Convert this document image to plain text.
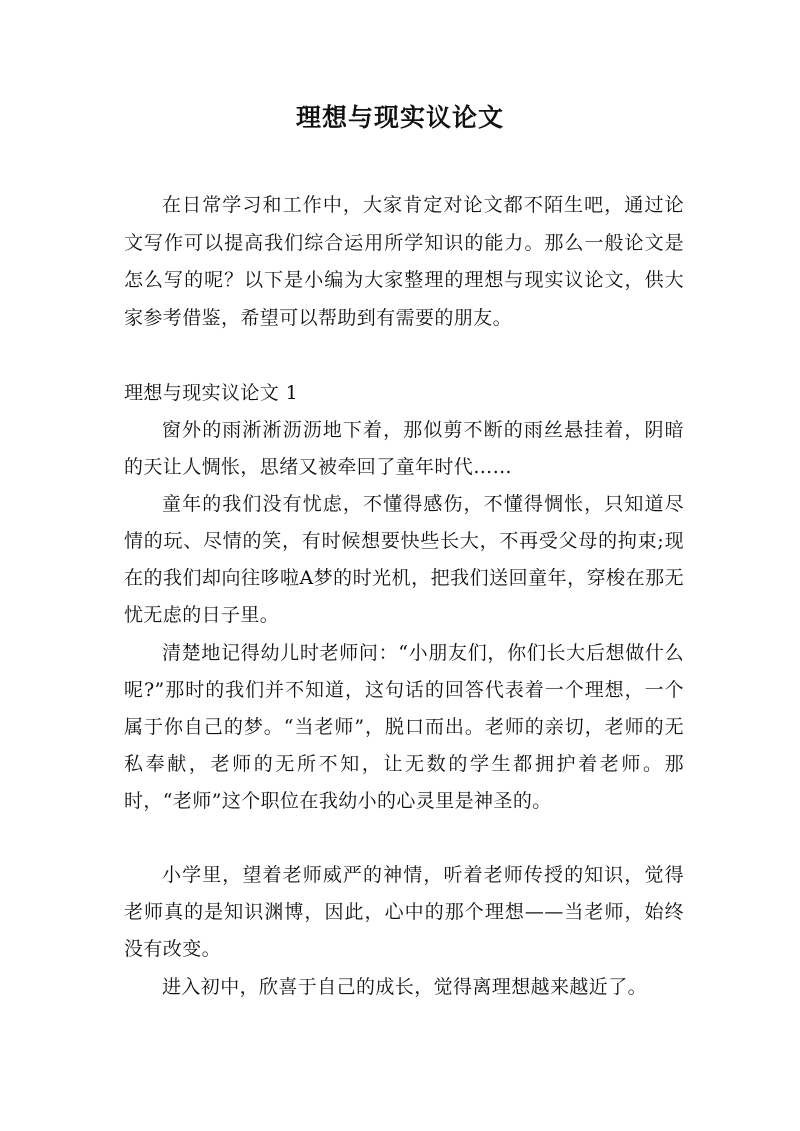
理想与现实议论文

在日常学习和工作中，大家肯定对论文都不陌生吧，通过论文写作可以提高我们综合运用所学知识的能力。那么一般论文是怎么写的呢？以下是小编为大家整理的理想与现实议论文，供大家参考借鉴，希望可以帮助到有需要的朋友。

理想与现实议论文 1

窗外的雨淅淅沥沥地下着，那似剪不断的雨丝悬挂着，阴暗的天让人惆怅，思绪又被牵回了童年时代……

童年的我们没有忧虑，不懂得感伤，不懂得惆怅，只知道尽情的玩、尽情的笑，有时候想要快些长大，不再受父母的拘束;现在的我们却向往哆啦A梦的时光机，把我们送回童年，穿梭在那无忧无虑的日子里。

清楚地记得幼儿时老师问：“小朋友们，你们长大后想做什么呢?”那时的我们并不知道，这句话的回答代表着一个理想，一个属于你自己的梦。“当老师”，脱口而出。老师的亲切，老师的无私奉献，老师的无所不知，让无数的学生都拥护着老师。那时，“老师”这个职位在我幼小的心灵里是神圣的。

小学里，望着老师威严的神情，听着老师传授的知识，觉得老师真的是知识渊博，因此，心中的那个理想——当老师，始终没有改变。

进入初中，欣喜于自己的成长，觉得离理想越来越近了。
